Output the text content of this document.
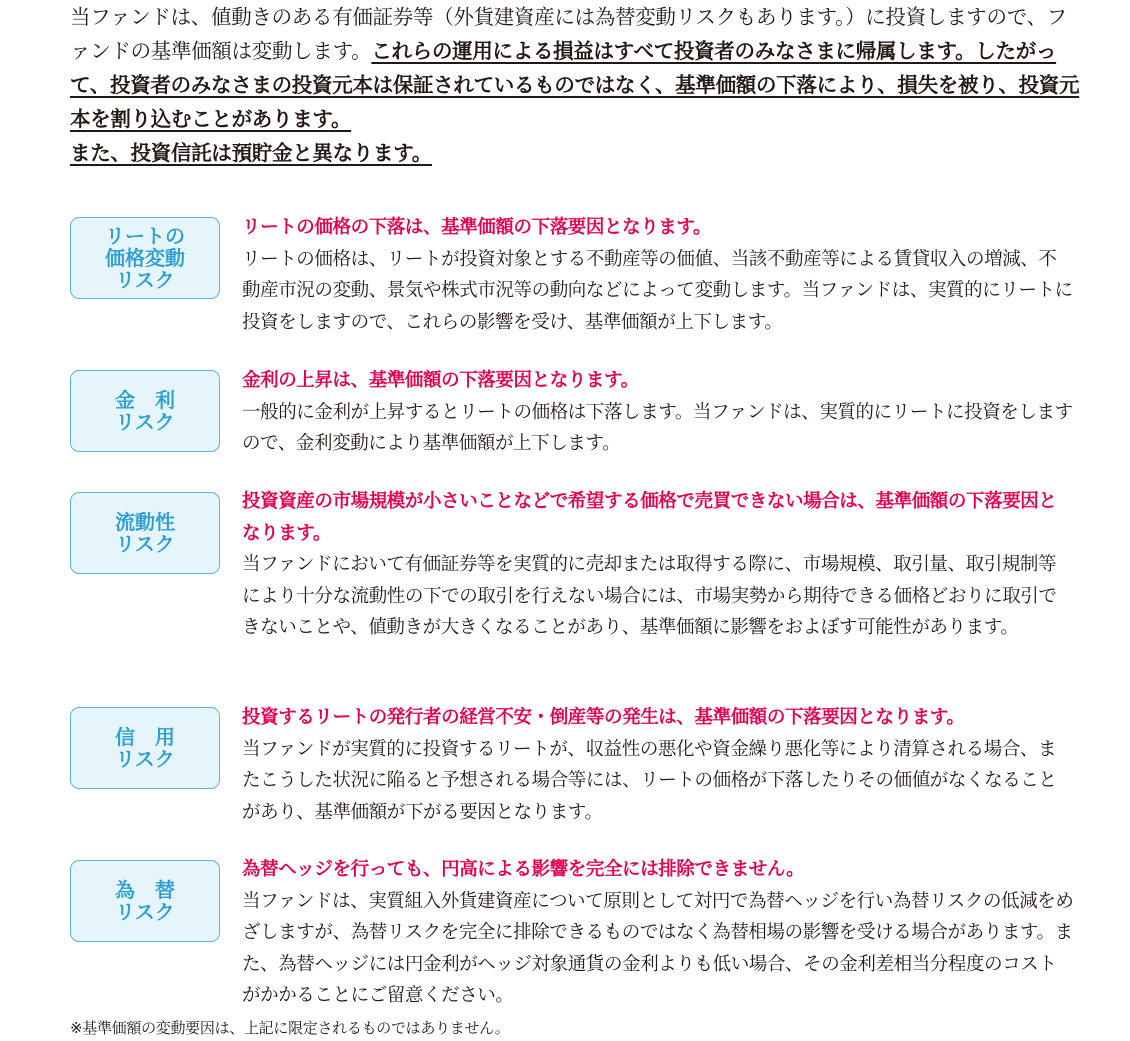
当ファンドは、値動きのある有価証券等（外貨建資産には為替変動リスクもあります。）に投資しますので、ファンドの基準価額は変動します。これらの運用による損益はすべて投資者のみなさまに帰属します。したがって、投資者のみなさまの投資元本は保証されているものではなく、基準価額の下落により、損失を被り、投資元本を割り込むことがあります。

また、投資信託は預貯金と異なります。

リートの
価格変動
リスク
リートの価格の下落は、基準価額の下落要因となります。
リートの価格は、リートが投資対象とする不動産等の価値、当該不動産等による賃貸収入の増減、不動産市況の変動、景気や株式市況等の動向などによって変動します。当ファンドは、実質的にリートに投資をしますので、これらの影響を受け、基準価額が上下します。
金　利
リスク
金利の上昇は、基準価額の下落要因となります。
一般的に金利が上昇するとリートの価格は下落します。当ファンドは、実質的にリートに投資をしますので、金利変動により基準価額が上下します。
流動性
リスク
投資資産の市場規模が小さいことなどで希望する価格で売買できない場合は、基準価額の下落要因となります。
当ファンドにおいて有価証券等を実質的に売却または取得する際に、市場規模、取引量、取引規制等により十分な流動性の下での取引を行えない場合には、市場実勢から期待できる価格どおりに取引できないことや、値動きが大きくなることがあり、基準価額に影響をおよぼす可能性があります。
信　用
リスク
投資するリートの発行者の経営不安・倒産等の発生は、基準価額の下落要因となります。
当ファンドが実質的に投資するリートが、収益性の悪化や資金繰り悪化等により清算される場合、またこうした状況に陥ると予想される場合等には、リートの価格が下落したりその価値がなくなることがあり、基準価額が下がる要因となります。
為　替
リスク
為替ヘッジを行っても、円高による影響を完全には排除できません。
当ファンドは、実質組入外貨建資産について原則として対円で為替ヘッジを行い為替リスクの低減をめざしますが、為替リスクを完全に排除できるものではなく為替相場の影響を受ける場合があります。また、為替ヘッジには円金利がヘッジ対象通貨の金利よりも低い場合、その金利差相当分程度のコストがかかることにご留意ください。
※基準価額の変動要因は、上記に限定されるものではありません。
